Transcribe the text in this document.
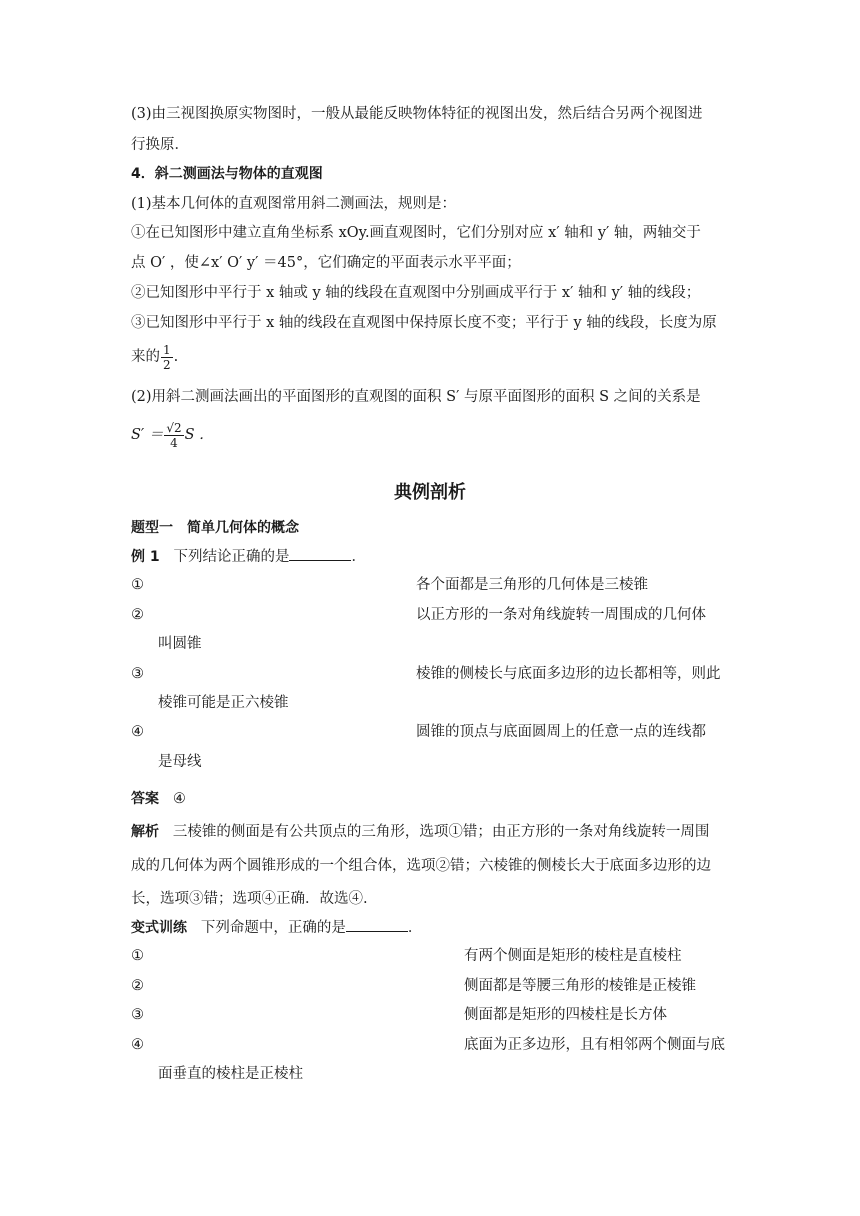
(3)由三视图换原实物图时，一般从最能反映物体特征的视图出发，然后结合另两个视图进
行换原．
4．斜二测画法与物体的直观图
(1)基本几何体的直观图常用斜二测画法，规则是：
①在已知图形中建立直角坐标系 xOy.画直观图时，它们分别对应 x′ 轴和 y′ 轴，两轴交于
点 O′ ，使∠x′ O′ y′ ＝45°，它们确定的平面表示水平平面；
②已知图形中平行于 x 轴或 y 轴的线段在直观图中分别画成平行于 x′ 轴和 y′ 轴的线段；
③已知图形中平行于 x 轴的线段在直观图中保持原长度不变；平行于 y 轴的线段，长度为原
来的 $\frac{1}{2}$ .
(2)用斜二测画法画出的平面图形的直观图的面积 S′ 与原平面图形的面积 S 之间的关系是
$S' = \frac{√2}{4}$ S ．
典例剖析
题型一　简单几何体的概念
例 1 下列结论正确的是	．
①	各个面都是三角形的几何体是三棱锥
②	以正方形的一条对角线旋转一周围成的几何体
叫圆锥
③	棱锥的侧棱长与底面多边形的边长都相等，则此
棱锥可能是正六棱锥
④	圆锥的顶点与底面圆周上的任意一点的连线都
是母线
答案 ④
解析 三棱锥的侧面是有公共顶点的三角形，选项①错；由正方形的一条对角线旋转一周围
成的几何体为两个圆锥形成的一个组合体，选项②错；六棱锥的侧棱长大于底面多边形的边
长，选项③错；选项④正确．故选④.
变式训练 下列命题中，正确的是	．
①	有两个侧面是矩形的棱柱是直棱柱
②	侧面都是等腰三角形的棱锥是正棱锥
③	侧面都是矩形的四棱柱是长方体
④	底面为正多边形，且有相邻两个侧面与底
面垂直的棱柱是正棱柱
